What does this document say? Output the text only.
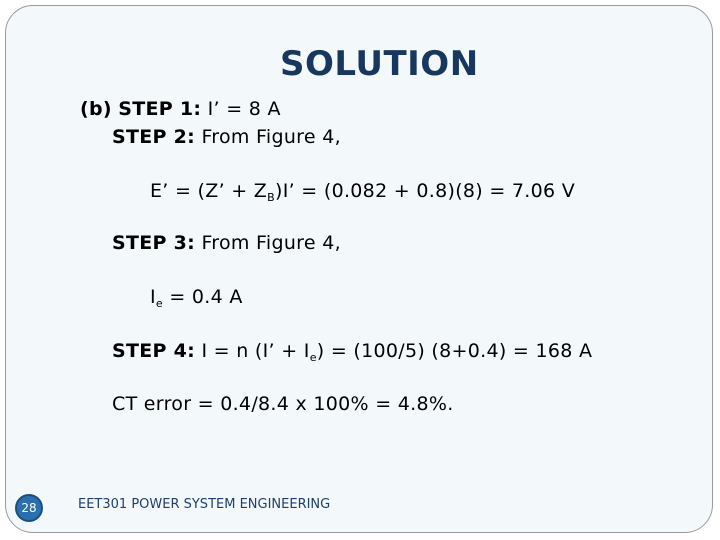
SOLUTION
(b) STEP 1: I’ = 8 A
STEP 2: From Figure 4,
E’ = (Z’ + $Z_B)I$’ = (0.082 + 0.8)(8) = 7.06 V
STEP 3: From Figure 4,
$I_e = 0.4$ A
STEP 4: I = n (I’ + $I_e) = (100/5)$ (8+0.4) = 168 A
CT error = 0.4/8.4 x 100% = 4.8%.
28	EET301 POWER SYSTEM ENGINEERING
